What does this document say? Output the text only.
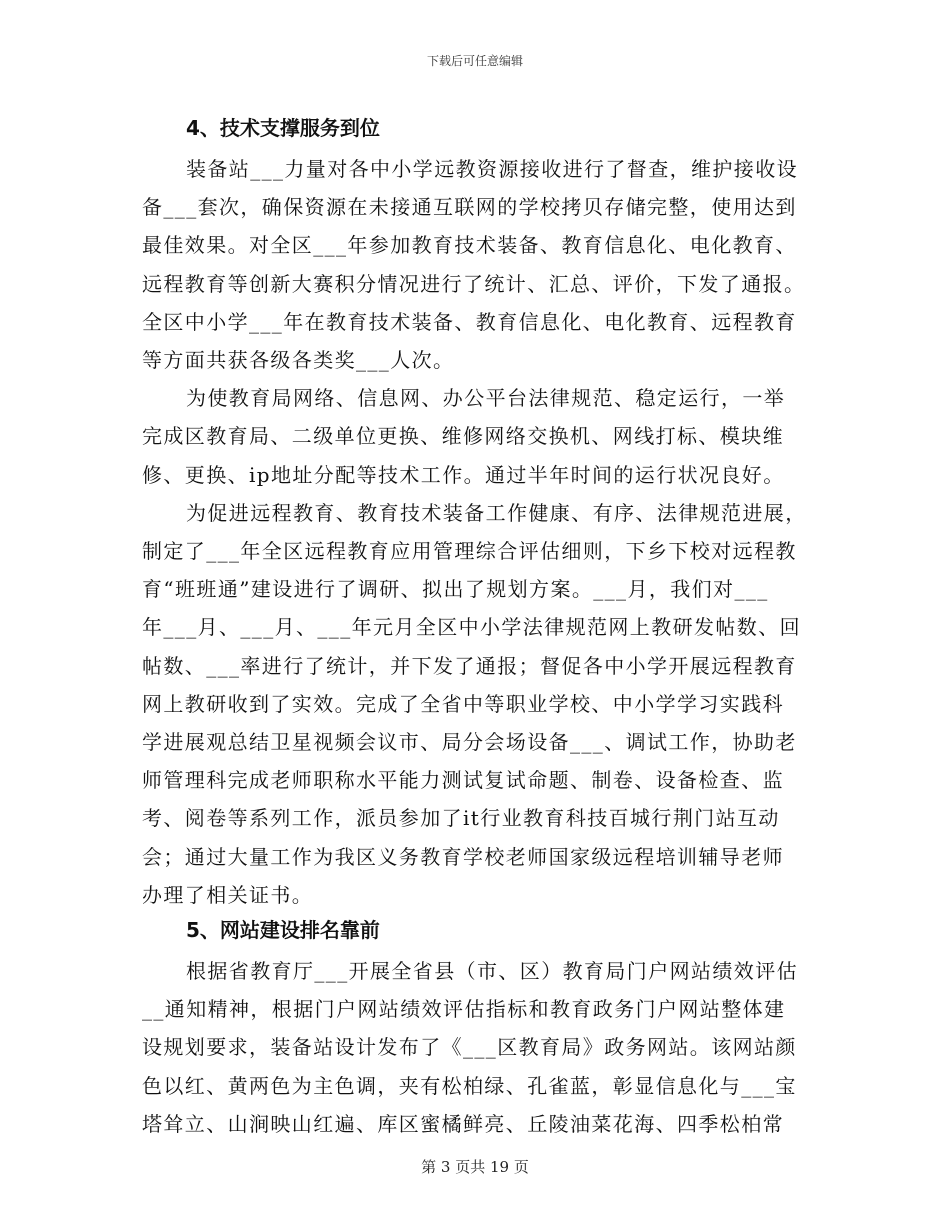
下载后可任意编辑
4、技术支撑服务到位
装备站___力量对各中小学远教资源接收进行了督查，维护接收设
备___套次，确保资源在未接通互联网的学校拷贝存储完整，使用达到
最佳效果。对全区___年参加教育技术装备、教育信息化、电化教育、
远程教育等创新大赛积分情况进行了统计、汇总、评价，下发了通报。
全区中小学___年在教育技术装备、教育信息化、电化教育、远程教育
等方面共获各级各类奖___人次。
为使教育局网络、信息网、办公平台法律规范、稳定运行，一举
完成区教育局、二级单位更换、维修网络交换机、网线打标、模块维
修、更换、ip地址分配等技术工作。通过半年时间的运行状况良好。
为促进远程教育、教育技术装备工作健康、有序、法律规范进展，
制定了___年全区远程教育应用管理综合评估细则，下乡下校对远程教
育“班班通”建设进行了调研、拟出了规划方案。___月，我们对___
年___月、___月、___年元月全区中小学法律规范网上教研发帖数、回
帖数、___率进行了统计，并下发了通报；督促各中小学开展远程教育
网上教研收到了实效。完成了全省中等职业学校、中小学学习实践科
学进展观总结卫星视频会议市、局分会场设备___、调试工作，协助老
师管理科完成老师职称水平能力测试复试命题、制卷、设备检查、监
考、阅卷等系列工作，派员参加了it行业教育科技百城行荆门站互动
会；通过大量工作为我区义务教育学校老师国家级远程培训辅导老师
办理了相关证书。
5、网站建设排名靠前
根据省教育厅___开展全省县（市、区）教育局门户网站绩效评估
__通知精神，根据门户网站绩效评估指标和教育政务门户网站整体建
设规划要求，装备站设计发布了《___区教育局》政务网站。该网站颜
色以红、黄两色为主色调，夹有松柏绿、孔雀蓝，彰显信息化与___宝
塔耸立、山涧映山红遍、库区蜜橘鲜亮、丘陵油菜花海、四季松柏常
第 3 页共 19 页
